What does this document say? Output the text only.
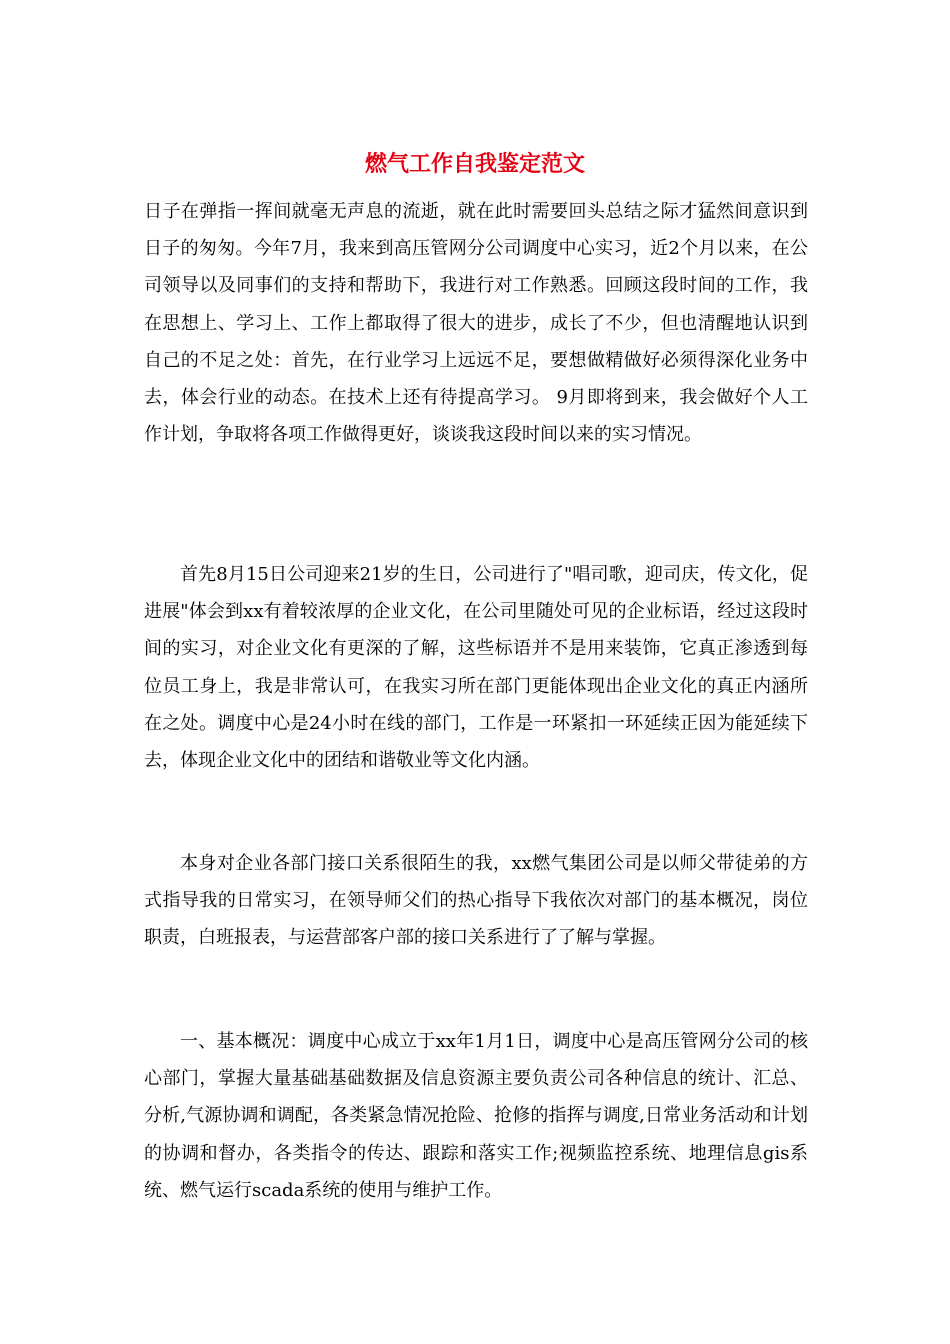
燃气工作自我鉴定范文

日子在弹指一挥间就毫无声息的流逝，就在此时需要回头总结之际才猛然间意识到日子的匆匆。今年7月，我来到高压管网分公司调度中心实习，近2个月以来，在公司领导以及同事们的支持和帮助下，我进行对工作熟悉。回顾这段时间的工作，我在思想上、学习上、工作上都取得了很大的进步，成长了不少，但也清醒地认识到自己的不足之处：首先，在行业学习上远远不足，要想做精做好必须得深化业务中去，体会行业的动态。在技术上还有待提高学习。 9月即将到来，我会做好个人工作计划，争取将各项工作做得更好，谈谈我这段时间以来的实习情况。

首先8月15日公司迎来21岁的生日，公司进行了"唱司歌，迎司庆，传文化，促进展"体会到xx有着较浓厚的企业文化，在公司里随处可见的企业标语，经过这段时间的实习，对企业文化有更深的了解，这些标语并不是用来装饰，它真正渗透到每位员工身上，我是非常认可，在我实习所在部门更能体现出企业文化的真正内涵所在之处。调度中心是24小时在线的部门，工作是一环紧扣一环延续正因为能延续下去，体现企业文化中的团结和谐敬业等文化内涵。

本身对企业各部门接口关系很陌生的我，xx燃气集团公司是以师父带徒弟的方式指导我的日常实习，在领导师父们的热心指导下我依次对部门的基本概况，岗位职责，白班报表，与运营部客户部的接口关系进行了了解与掌握。

一、基本概况：调度中心成立于xx年1月1日，调度中心是高压管网分公司的核心部门，掌握大量基础基础数据及信息资源主要负责公司各种信息的统计、汇总、分析,气源协调和调配，各类紧急情况抢险、抢修的指挥与调度,日常业务活动和计划的协调和督办，各类指令的传达、跟踪和落实工作;视频监控系统、地理信息gis系统、燃气运行scada系统的使用与维护工作。
